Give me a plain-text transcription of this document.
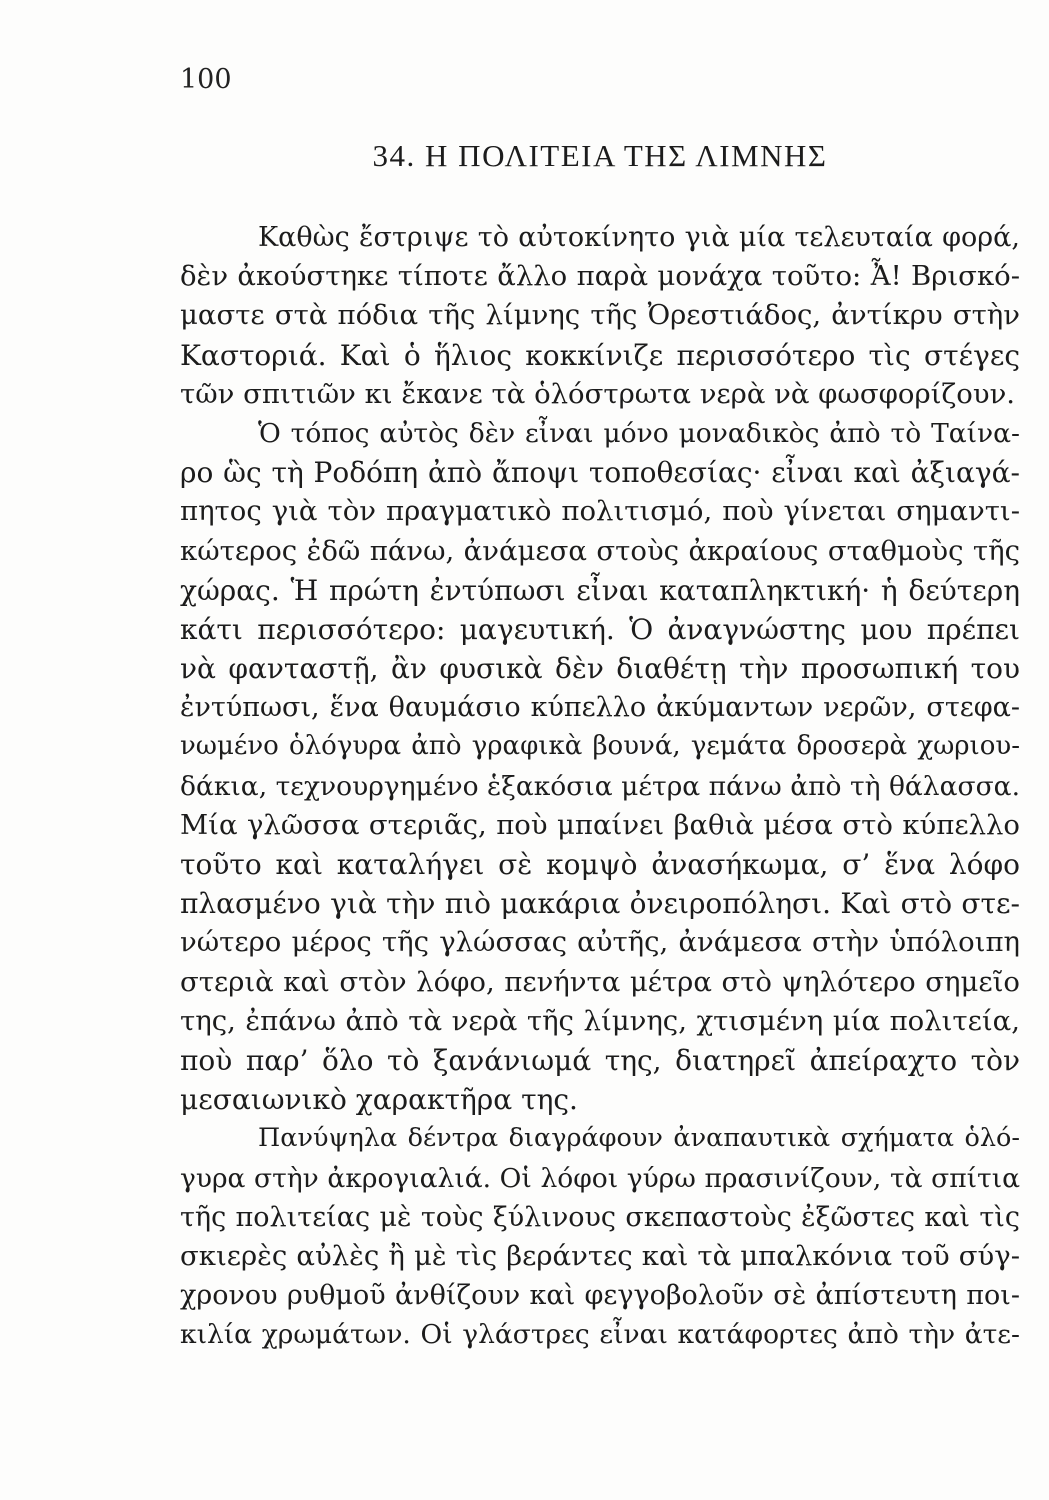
100
34. Η ΠΟΛΙΤΕΙΑ ΤΗΣ ΛΙΜΝΗΣ
Καθὼς ἔστριψε τὸ αὐτοκίνητο γιὰ μία τελευταία φορά,
δὲν ἀκούστηκε τίποτε ἄλλο παρὰ μονάχα τοῦτο: Ἆ! Βρισκό-
μαστε στὰ πόδια τῆς λίμνης τῆς Ὀρεστιάδος, ἀντίκρυ στὴν
Καστοριά. Καὶ ὁ ἥλιος κοκκίνιζε περισσότερο τὶς στέγες
τῶν σπιτιῶν κι ἔκανε τὰ ὁλόστρωτα νερὰ νὰ φωσφορίζουν.
Ὁ τόπος αὐτὸς δὲν εἶναι μόνο μοναδικὸς ἀπὸ τὸ Ταίνα-
ρο ὣς τὴ Ροδόπη ἀπὸ ἄποψι τοποθεσίας· εἶναι καὶ ἀξιαγά-
πητος γιὰ τὸν πραγματικὸ πολιτισμό, ποὺ γίνεται σημαντι-
κώτερος ἐδῶ πάνω, ἀνάμεσα στοὺς ἀκραίους σταθμοὺς τῆς
χώρας. Ἡ πρώτη ἐντύπωσι εἶναι καταπληκτική· ἡ δεύτερη
κάτι περισσότερο: μαγευτική. Ὁ ἀναγνώστης μου πρέπει
νὰ φανταστῇ, ἂν φυσικὰ δὲν διαθέτῃ τὴν προσωπική του
ἐντύπωσι, ἕνα θαυμάσιο κύπελλο ἀκύμαντων νερῶν, στεφα-
νωμένο ὁλόγυρα ἀπὸ γραφικὰ βουνά, γεμάτα δροσερὰ χωριου-
δάκια, τεχνουργημένο ἑξακόσια μέτρα πάνω ἀπὸ τὴ θάλασσα.
Μία γλῶσσα στεριᾶς, ποὺ μπαίνει βαθιὰ μέσα στὸ κύπελλο
τοῦτο καὶ καταλήγει σὲ κομψὸ ἀνασήκωμα, σ’ ἕνα λόφο
πλασμένο γιὰ τὴν πιὸ μακάρια ὀνειροπόλησι. Καὶ στὸ στε-
νώτερο μέρος τῆς γλώσσας αὐτῆς, ἀνάμεσα στὴν ὑπόλοιπη
στεριὰ καὶ στὸν λόφο, πενήντα μέτρα στὸ ψηλότερο σημεῖο
της, ἐπάνω ἀπὸ τὰ νερὰ τῆς λίμνης, χτισμένη μία πολιτεία,
ποὺ παρ’ ὅλο τὸ ξανάνιωμά της, διατηρεῖ ἀπείραχτο τὸν
μεσαιωνικὸ χαρακτῆρα της.
Πανύψηλα δέντρα διαγράφουν ἀναπαυτικὰ σχήματα ὁλό-
γυρα στὴν ἀκρογιαλιά. Οἱ λόφοι γύρω πρασινίζουν, τὰ σπίτια
τῆς πολιτείας μὲ τοὺς ξύλινους σκεπαστοὺς ἐξῶστες καὶ τὶς
σκιερὲς αὐλὲς ἢ μὲ τὶς βεράντες καὶ τὰ μπαλκόνια τοῦ σύγ-
χρονου ρυθμοῦ ἀνθίζουν καὶ φεγγοβολοῦν σὲ ἀπίστευτη ποι-
κιλία χρωμάτων. Οἱ γλάστρες εἶναι κατάφορτες ἀπὸ τὴν ἀτε-
